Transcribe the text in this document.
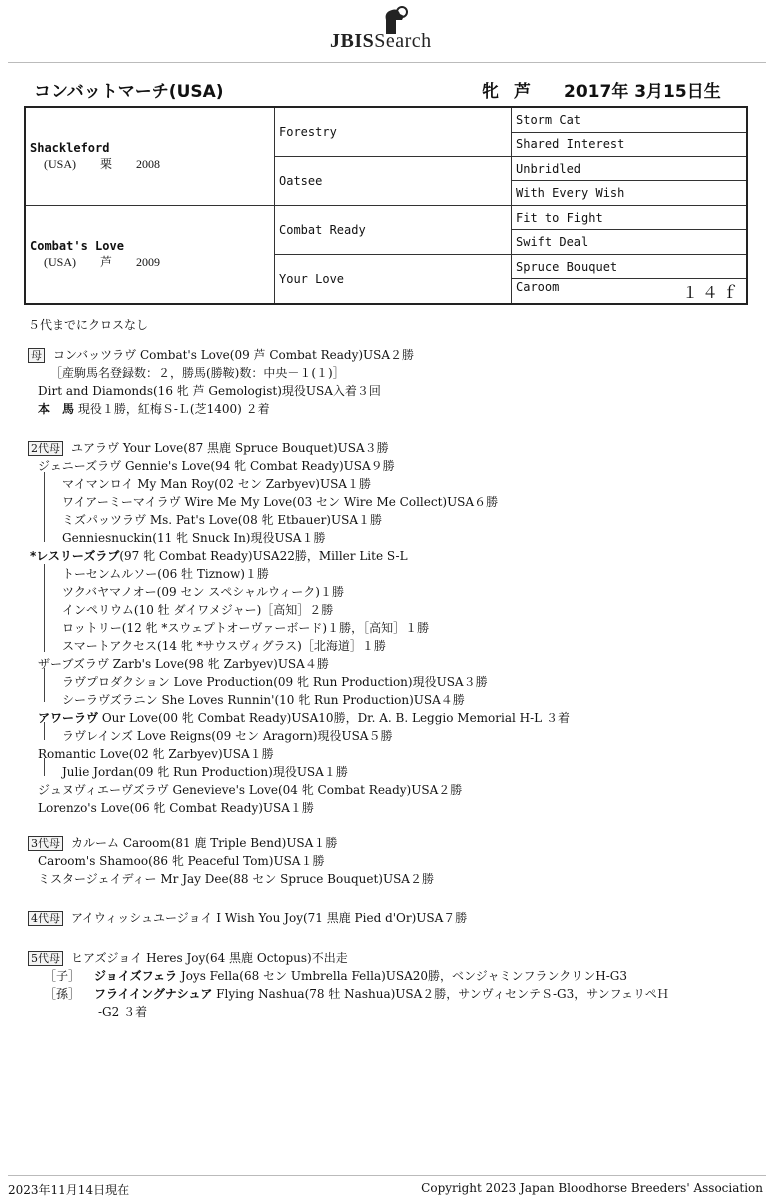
JBISSearch
コンバットマーチ(USA)	牝 芦 2017年 3月15日生
Shackleford
(USA)　　栗　　2008	Forestry	Storm Cat
		Shared Interest
	Oatsee	Unbridled
		With Every Wish
Combat's Love
(USA)　　芦　　2009	Combat Ready	Fit to Fight
		Swift Deal
	Your Love	Spruce Bouquet
		Caroom １４ｆ
５代までにクロスなし
母 コンバッツラヴ Combat's Love(09 芦 Combat Ready)USA２勝
［産駒馬名登録数：２，勝馬(勝鞍)数：中央－１(１)］
Dirt and Diamonds(16 牝 芦 Gemologist)現役USA入着３回
本　馬 現役１勝，紅梅Ｓ-Ｌ(芝1400) ２着
2代母 ユアラヴ Your Love(87 黒鹿 Spruce Bouquet)USA３勝
ジェニーズラヴ Gennie's Love(94 牝 Combat Ready)USA９勝
マイマンロイ My Man Roy(02 セン Zarbyev)USA１勝
ワイアーミーマイラヴ Wire Me My Love(03 セン Wire Me Collect)USA６勝
ミズパッツラヴ Ms. Pat's Love(08 牝 Etbauer)USA１勝
Genniesnuckin(11 牝 Snuck In)現役USA１勝
*レスリーズラブ(97 牝 Combat Ready)USA22勝，Miller Lite S-L
トーセンムルソー(06 牡 Tiznow)１勝
ツクバヤマノオー(09 セン スペシャルウィーク)１勝
インペリウム(10 牡 ダイワメジャー)［高知］２勝
ロットリー(12 牝 *スウェプトオーヴァーボード)１勝，［高知］１勝
スマートアクセス(14 牝 *サウスヴィグラス)［北海道］１勝
ザーブズラヴ Zarb's Love(98 牝 Zarbyev)USA４勝
ラヴプロダクション Love Production(09 牝 Run Production)現役USA３勝
シーラヴズラニン She Loves Runnin'(10 牝 Run Production)USA４勝
アワーラヴ Our Love(00 牝 Combat Ready)USA10勝，Dr. A. B. Leggio Memorial H-L ３着
ラヴレインズ Love Reigns(09 セン Aragorn)現役USA５勝
Romantic Love(02 牝 Zarbyev)USA１勝
Julie Jordan(09 牝 Run Production)現役USA１勝
ジュヌヴィエーヴズラヴ Genevieve's Love(04 牝 Combat Ready)USA２勝
Lorenzo's Love(06 牝 Combat Ready)USA１勝
3代母 カルーム Caroom(81 鹿 Triple Bend)USA１勝
Caroom's Shamoo(86 牝 Peaceful Tom)USA１勝
ミスタージェイディー Mr Jay Dee(88 セン Spruce Bouquet)USA２勝
4代母 アイウィッシュユージョイ I Wish You Joy(71 黒鹿 Pied d'Or)USA７勝
5代母 ヒアズジョイ Heres Joy(64 黒鹿 Octopus)不出走
［子］ ジョイズフェラ Joys Fella(68 セン Umbrella Fella)USA20勝，ベンジャミンフランクリンH-G3
［孫］ フライイングナシュア Flying Nashua(78 牡 Nashua)USA２勝，サンヴィセンテＳ-G3，サンフェリペＨ
-G2 ３着
2023年11月14日現在	Copyright 2023 Japan Bloodhorse Breeders' Association
